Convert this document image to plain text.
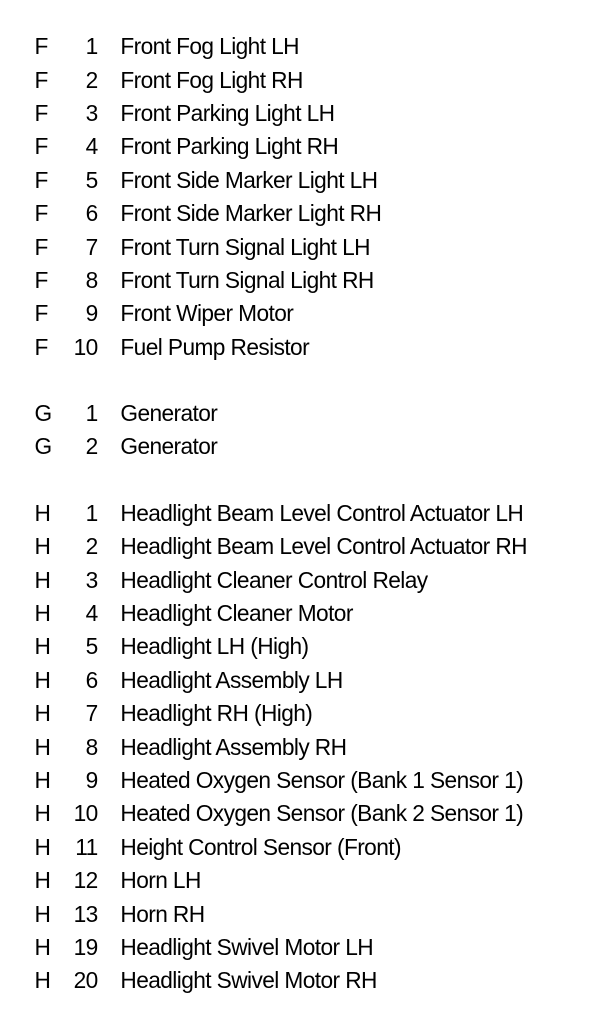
F	1 Front Fog Light LH
F	2 Front Fog Light RH
F	3 Front Parking Light LH
F	4 Front Parking Light RH
F	5 Front Side Marker Light LH
F	6 Front Side Marker Light RH
F	7 Front Turn Signal Light LH
F	8 Front Turn Signal Light RH
F	9 Front Wiper Motor
F	10 Fuel Pump Resistor
G	1 Generator
G	2 Generator
H	1 Headlight Beam Level Control Actuator LH
H	2 Headlight Beam Level Control Actuator RH
H	3 Headlight Cleaner Control Relay
H	4 Headlight Cleaner Motor
H	5 Headlight LH (High)
H	6 Headlight Assembly LH
H	7 Headlight RH (High)
H	8 Headlight Assembly RH
H	9 Heated Oxygen Sensor (Bank 1 Sensor 1)
H	10 Heated Oxygen Sensor (Bank 2 Sensor 1)
H	11 Height Control Sensor (Front)
H	12 Horn LH
H	13 Horn RH
H	19 Headlight Swivel Motor LH
H	20 Headlight Swivel Motor RH
